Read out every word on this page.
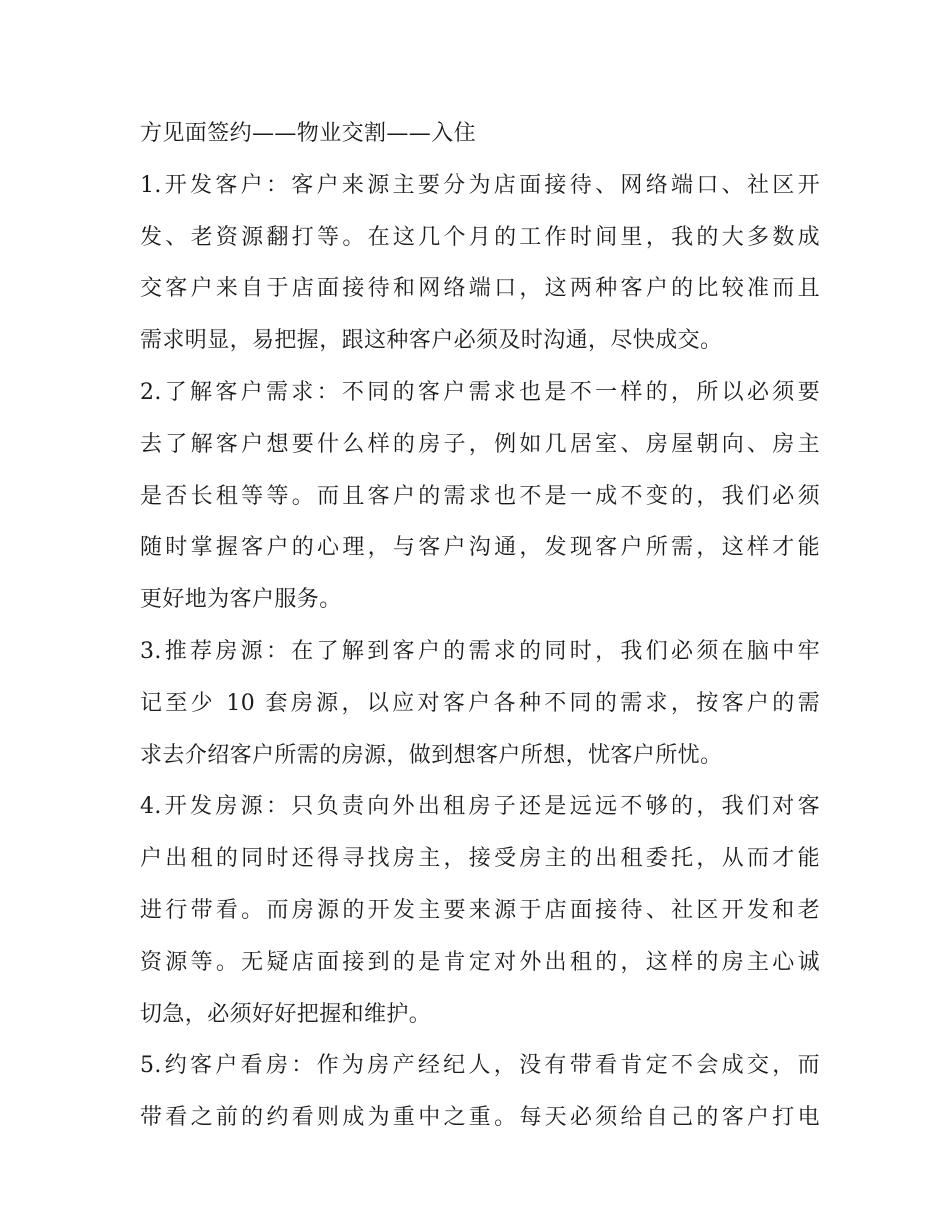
方见面签约——物业交割——入住

1.开发客户：客户来源主要分为店面接待、网络端口、社区开

发、老资源翻打等。在这几个月的工作时间里，我的大多数成

交客户来自于店面接待和网络端口，这两种客户的比较准而且

需求明显，易把握，跟这种客户必须及时沟通，尽快成交。

2.了解客户需求：不同的客户需求也是不一样的，所以必须要

去了解客户想要什么样的房子，例如几居室、房屋朝向、房主

是否长租等等。而且客户的需求也不是一成不变的，我们必须

随时掌握客户的心理，与客户沟通，发现客户所需，这样才能

更好地为客户服务。

3.推荐房源：在了解到客户的需求的同时，我们必须在脑中牢

记至少 10 套房源，以应对客户各种不同的需求，按客户的需

求去介绍客户所需的房源，做到想客户所想，忧客户所忧。

4.开发房源：只负责向外出租房子还是远远不够的，我们对客

户出租的同时还得寻找房主，接受房主的出租委托，从而才能

进行带看。而房源的开发主要来源于店面接待、社区开发和老

资源等。无疑店面接到的是肯定对外出租的，这样的房主心诚

切急，必须好好把握和维护。

5.约客户看房：作为房产经纪人，没有带看肯定不会成交，而

带看之前的约看则成为重中之重。每天必须给自己的客户打电
